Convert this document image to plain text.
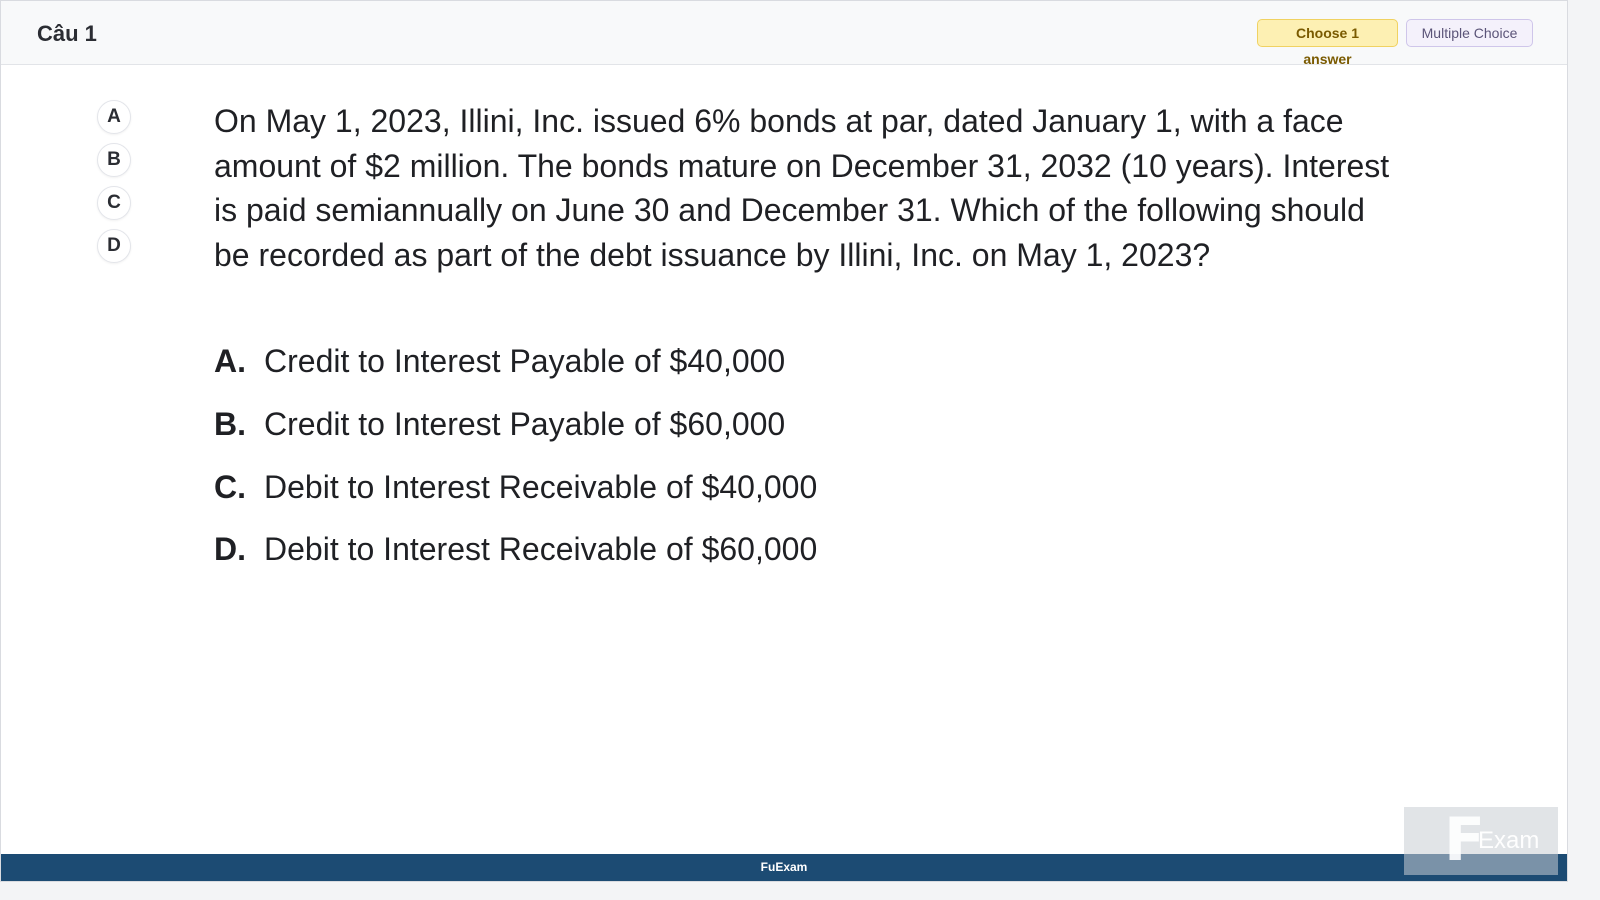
Câu 1	Choose 1 answer
Multiple Choice
A
B
C
D
On May 1, 2023, Illini, Inc. issued 6% bonds at par, dated January 1, with a face amount of $2 million. The bonds mature on December 31, 2032 (10 years). Interest is paid semiannually on June 30 and December 31. Which of the following should be recorded as part of the debt issuance by Illini, Inc. on May 1, 2023?
A. Credit to Interest Payable of $40,000
B. Credit to Interest Payable of $60,000
C. Debit to Interest Receivable of $40,000
D. Debit to Interest Receivable of $60,000
FuExam	F
Exam
